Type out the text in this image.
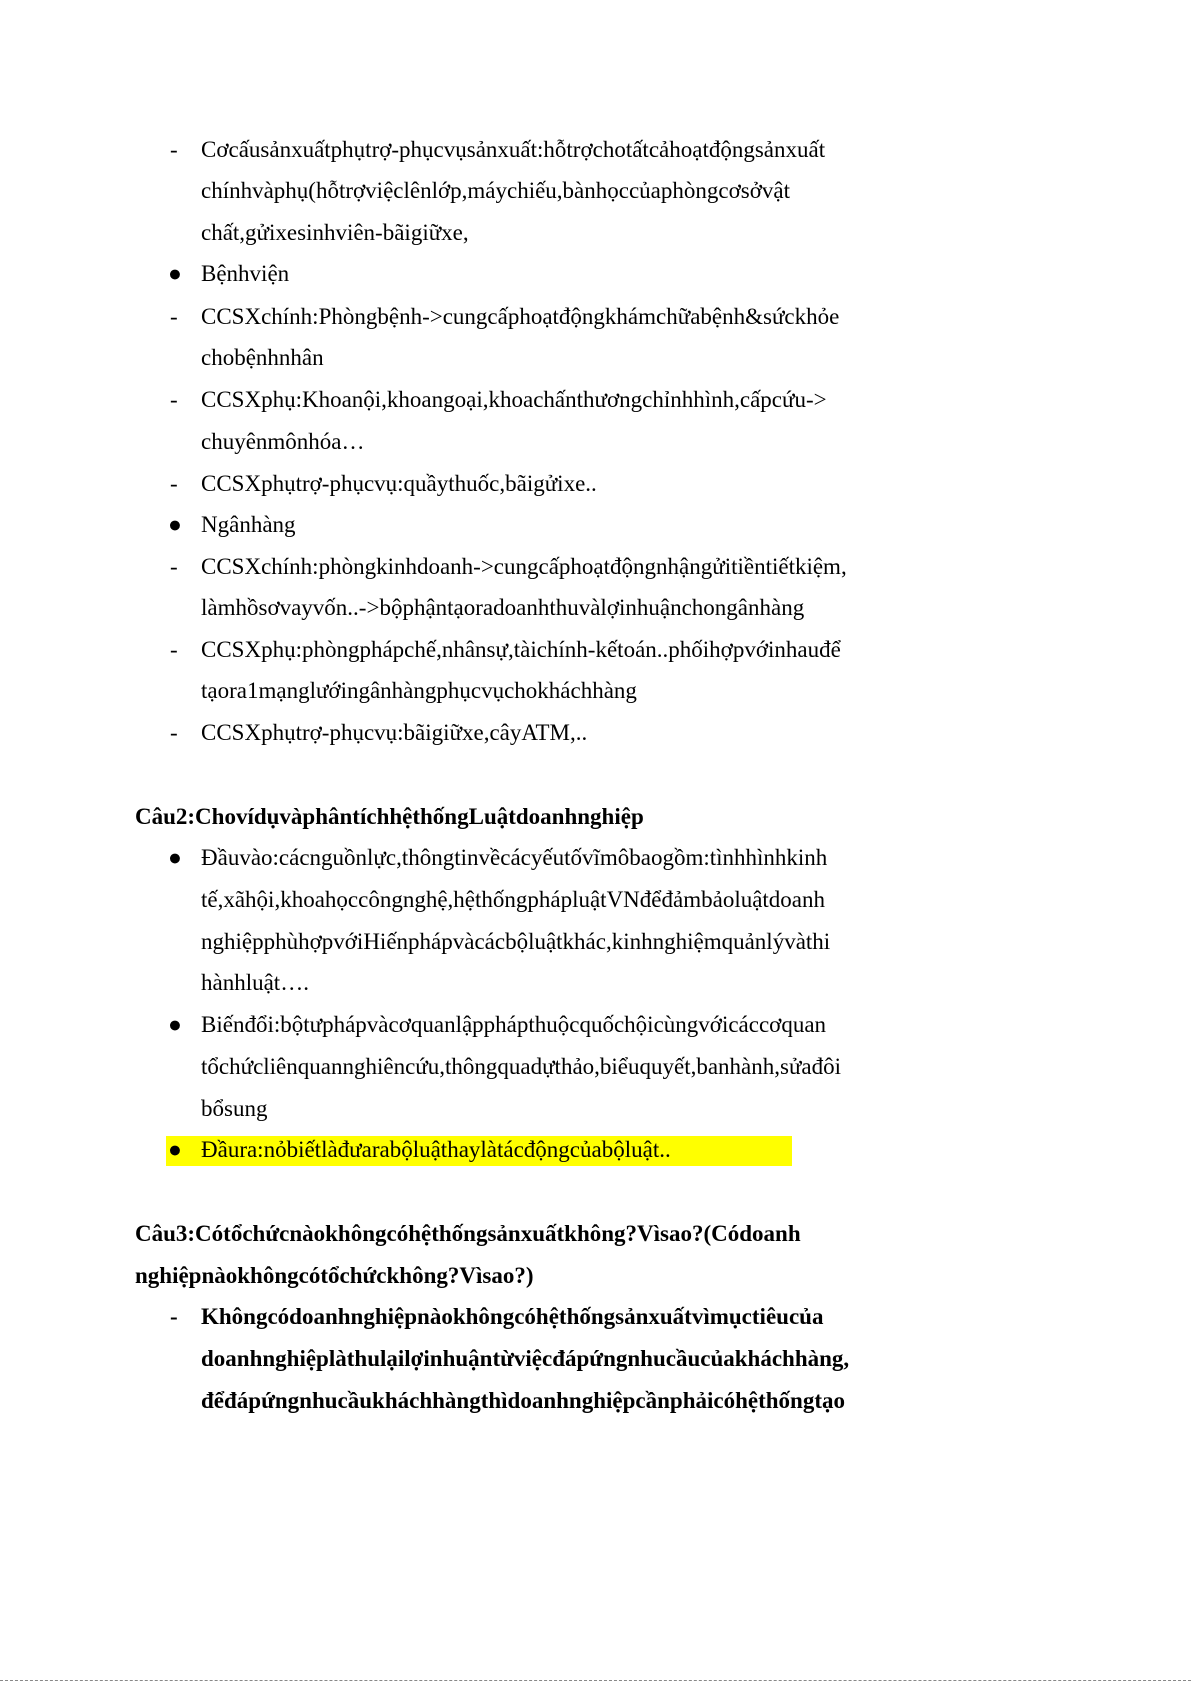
- Cơcấusảnxuấtphụtrợ-phụcvụsảnxuất:hỗtrợchotấtcảhoạtđộngsảnxuất
chínhvàphụ(hỗtrợviệclênlớp,máychiếu,bànhọccủaphòngcơsởvật
chất,gửixesinhviên-bãigiữxe,
● Bệnhviện
- CCSXchính:Phòngbệnh->cungcấphoạtđộngkhámchữabệnh&sứckhỏe
chobệnhnhân
- CCSXphụ:Khoanội,khoangoại,khoachấnthươngchỉnhhình,cấpcứu->
chuyênmônhóa…
- CCSXphụtrợ-phụcvụ:quầythuốc,bãigửixe..
● Ngânhàng
- CCSXchính:phòngkinhdoanh->cungcấphoạtđộngnhậngửitiềntiếtkiệm,
làmhồsơvayvốn..->bộphậntạoradoanhthuvàlợinhuậnchongânhàng
- CCSXphụ:phòngphápchế,nhânsự,tàichính-kếtoán..phốihợpvớinhauđể
tạora1mạnglướingânhàngphụcvụchokháchhàng
- CCSXphụtrợ-phụcvụ:bãigiữxe,câyATM,..
Câu2:ChovídụvàphântíchhệthốngLuậtdoanhnghiệp
● Đầuvào:cácnguồnlực,thôngtinvềcácyếutốvĩmôbaogồm:tìnhhìnhkinh
tế,xãhội,khoahọccôngnghệ,hệthốngphápluậtVNđểđảmbảoluậtdoanh
nghiệpphùhợpvớiHiếnphápvàcácbộluậtkhác,kinhnghiệmquảnlývàthi
hànhluật….
● Biếnđổi:bộtưphápvàcơquanlậpphápthuộcquốchộicùngvớicáccơquan
tổchứcliênquannghiêncứu,thôngquadựthảo,biểuquyết,banhành,sửađôi
bổsung
● Đầura:nỏbiếtlàđưarabộluậthaylàtácđộngcủabộluật..
Câu3:Cótổchứcnàokhôngcóhệthốngsảnxuấtkhông?Vìsao?(Códoanh
nghiệpnàokhôngcótổchứckhông?Vìsao?)
- Khôngcódoanhnghiệpnàokhôngcóhệthốngsảnxuấtvìmụctiêucủa
doanhnghiệplàthulạilợinhuậntừviệcđápứngnhucầucủakháchhàng,
đểđápứngnhucầukháchhàngthìdoanhnghiệpcầnphảicóhệthốngtạo
